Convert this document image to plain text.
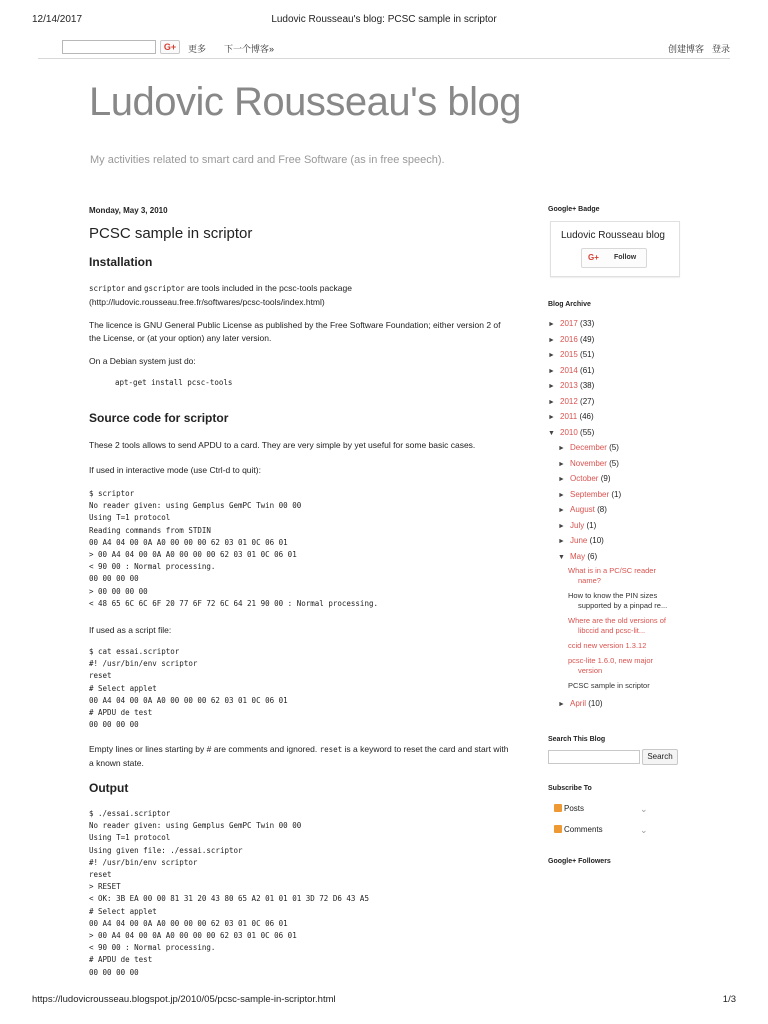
12/14/2017	Ludovic Rousseau's blog: PCSC sample in scriptor
G+	更多 下一个博客»	创建博客 登录
Ludovic Rousseau's blog
My activities related to smart card and Free Software (as in free speech).
Monday, May 3, 2010
PCSC sample in scriptor
Installation
scriptor and gscriptor are tools included in the pcsc-tools package
(http://ludovic.rousseau.free.fr/softwares/pcsc-tools/index.html)
The licence is GNU General Public License as published by the Free Software Foundation; either version 2 of the License, or (at your option) any later version.
On a Debian system just do:
apt-get install pcsc-tools
Source code for scriptor
These 2 tools allows to send APDU to a card. They are very simple by yet useful for some basic cases.
If used in interactive mode (use Ctrl-d to quit):
$ scriptor
No reader given: using Gemplus GemPC Twin 00 00
Using T=1 protocol
Reading commands from STDIN
00 A4 04 00 0A A0 00 00 00 62 03 01 0C 06 01
> 00 A4 04 00 0A A0 00 00 00 62 03 01 0C 06 01
< 90 00 : Normal processing.
00 00 00 00
> 00 00 00 00
< 48 65 6C 6C 6F 20 77 6F 72 6C 64 21 90 00 : Normal processing.
If used as a script file:
$ cat essai.scriptor
#! /usr/bin/env scriptor
reset
# Select applet
00 A4 04 00 0A A0 00 00 00 62 03 01 0C 06 01
# APDU de test
00 00 00 00
Empty lines or lines starting by # are comments and ignored. reset is a keyword to reset the card and start with a known state.
Output
$ ./essai.scriptor
No reader given: using Gemplus GemPC Twin 00 00
Using T=1 protocol
Using given file: ./essai.scriptor
#! /usr/bin/env scriptor
reset
> RESET
< OK: 3B EA 00 00 81 31 20 43 80 65 A2 01 01 01 3D 72 D6 43 A5
# Select applet
00 A4 04 00 0A A0 00 00 00 62 03 01 0C 06 01
> 00 A4 04 00 0A A0 00 00 00 62 03 01 0C 06 01
< 90 00 : Normal processing.
# APDU de test
00 00 00 00
Google+ Badge
Ludovic Rousseau blog
G+ Follow
Blog Archive
► 2017 (33)
► 2016 (49)
► 2015 (51)
► 2014 (61)
► 2013 (38)
► 2012 (27)
► 2011 (46)
▼ 2010 (55)
► December (5)
► November (5)
► October (9)
► September (1)
► August (8)
► July (1)
► June (10)
▼ May (6)
What is in a PC/SC reader
name?
How to know the PIN sizes
supported by a pinpad re...
Where are the old versions of
libccid and pcsc-lit...
ccid new version 1.3.12
pcsc-lite 1.6.0, new major
version
PCSC sample in scriptor
► April (10)
Search This Blog
Search
Subscribe To
Posts	⌄
Comments	⌄
Google+ Followers
https://ludovicrousseau.blogspot.jp/2010/05/pcsc-sample-in-scriptor.html	1/3
